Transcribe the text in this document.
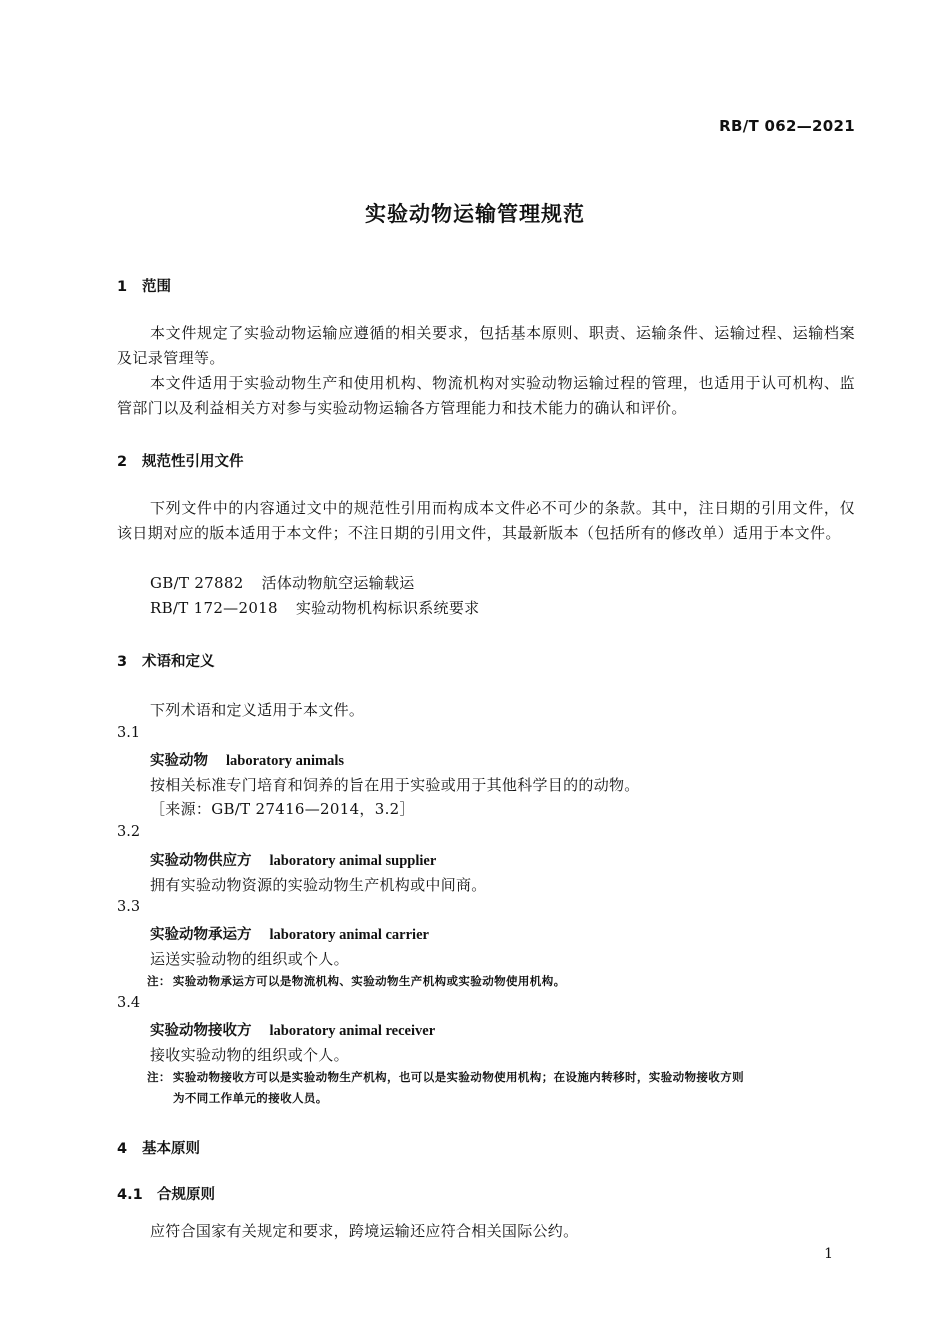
RB/T 062—2021
实验动物运输管理规范
1 范围
本文件规定了实验动物运输应遵循的相关要求，包括基本原则、职责、运输条件、运输过程、运输档案及记录管理等。
本文件适用于实验动物生产和使用机构、物流机构对实验动物运输过程的管理，也适用于认可机构、监管部门以及利益相关方对参与实验动物运输各方管理能力和技术能力的确认和评价。
2 规范性引用文件
下列文件中的内容通过文中的规范性引用而构成本文件必不可少的条款。其中，注日期的引用文件，仅该日期对应的版本适用于本文件；不注日期的引用文件，其最新版本（包括所有的修改单）适用于本文件。
GB/T 27882 活体动物航空运输载运
RB/T 172—2018 实验动物机构标识系统要求
3 术语和定义
下列术语和定义适用于本文件。
3.1
实验动物 laboratory animals
按相关标准专门培育和饲养的旨在用于实验或用于其他科学目的的动物。
［来源：GB/T 27416—2014，3.2］
3.2
实验动物供应方 laboratory animal supplier
拥有实验动物资源的实验动物生产机构或中间商。
3.3
实验动物承运方 laboratory animal carrier
运送实验动物的组织或个人。
注： 实验动物承运方可以是物流机构、实验动物生产机构或实验动物使用机构。
3.4
实验动物接收方 laboratory animal receiver
接收实验动物的组织或个人。
注： 实验动物接收方可以是实验动物生产机构，也可以是实验动物使用机构；在设施内转移时，实验动物接收方则
为不同工作单元的接收人员。
4 基本原则
4.1 合规原则
应符合国家有关规定和要求，跨境运输还应符合相关国际公约。
1
